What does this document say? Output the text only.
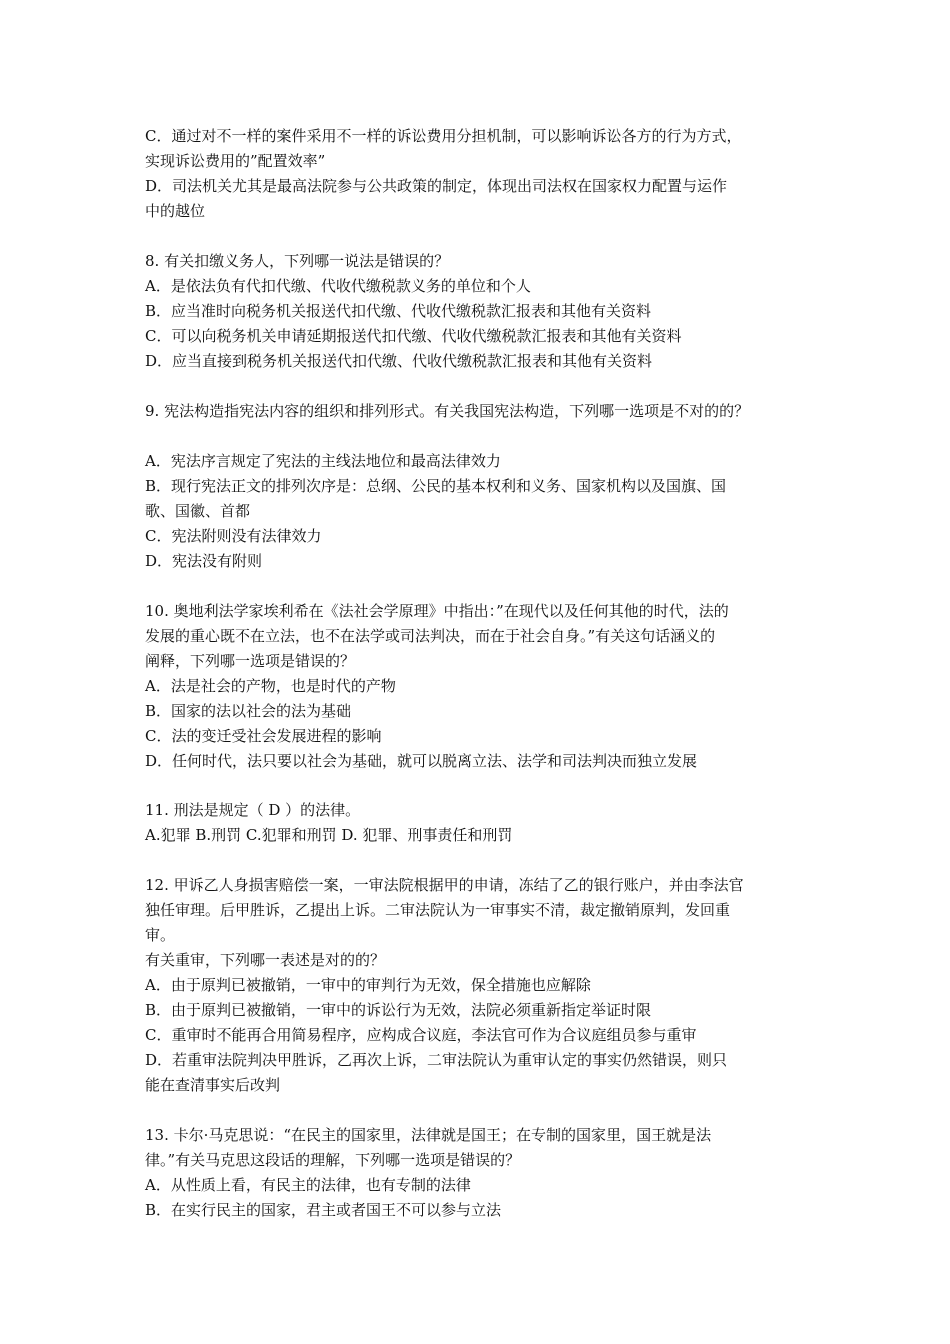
C．通过对不一样的案件采用不一样的诉讼费用分担机制，可以影响诉讼各方的行为方式，
实现诉讼费用的”配置效率”
D．司法机关尤其是最高法院参与公共政策的制定，体现出司法权在国家权力配置与运作
中的越位
8. 有关扣缴义务人，下列哪一说法是错误的？
A．是依法负有代扣代缴、代收代缴税款义务的单位和个人
B．应当准时向税务机关报送代扣代缴、代收代缴税款汇报表和其他有关资料
C．可以向税务机关申请延期报送代扣代缴、代收代缴税款汇报表和其他有关资料
D．应当直接到税务机关报送代扣代缴、代收代缴税款汇报表和其他有关资料
9. 宪法构造指宪法内容的组织和排列形式。有关我国宪法构造，下列哪一选项是不对的的？
A．宪法序言规定了宪法的主线法地位和最高法律效力
B．现行宪法正文的排列次序是：总纲、公民的基本权利和义务、国家机构以及国旗、国
歌、国徽、首都
C．宪法附则没有法律效力
D．宪法没有附则
10. 奥地利法学家埃利希在《法社会学原理》中指出：”在现代以及任何其他的时代，法的
发展的重心既不在立法，也不在法学或司法判决，而在于社会自身。”有关这句话涵义的
阐释，下列哪一选项是错误的？
A．法是社会的产物，也是时代的产物
B．国家的法以社会的法为基础
C．法的变迁受社会发展进程的影响
D．任何时代，法只要以社会为基础，就可以脱离立法、法学和司法判决而独立发展
11. 刑法是规定（ D ）的法律。
A.犯罪 B.刑罚 C.犯罪和刑罚 D. 犯罪、刑事责任和刑罚
12. 甲诉乙人身损害赔偿一案，一审法院根据甲的申请，冻结了乙的银行账户，并由李法官
独任审理。后甲胜诉，乙提出上诉。二审法院认为一审事实不清，裁定撤销原判，发回重
审。
有关重审，下列哪一表述是对的的？
A．由于原判已被撤销，一审中的审判行为无效，保全措施也应解除
B．由于原判已被撤销，一审中的诉讼行为无效，法院必须重新指定举证时限
C．重审时不能再合用简易程序，应构成合议庭，李法官可作为合议庭组员参与重审
D．若重审法院判决甲胜诉，乙再次上诉，二审法院认为重审认定的事实仍然错误，则只
能在查清事实后改判
13. 卡尔·马克思说：“在民主的国家里，法律就是国王；在专制的国家里，国王就是法
律。”有关马克思这段话的理解，下列哪一选项是错误的？
A．从性质上看，有民主的法律，也有专制的法律
B．在实行民主的国家，君主或者国王不可以参与立法
